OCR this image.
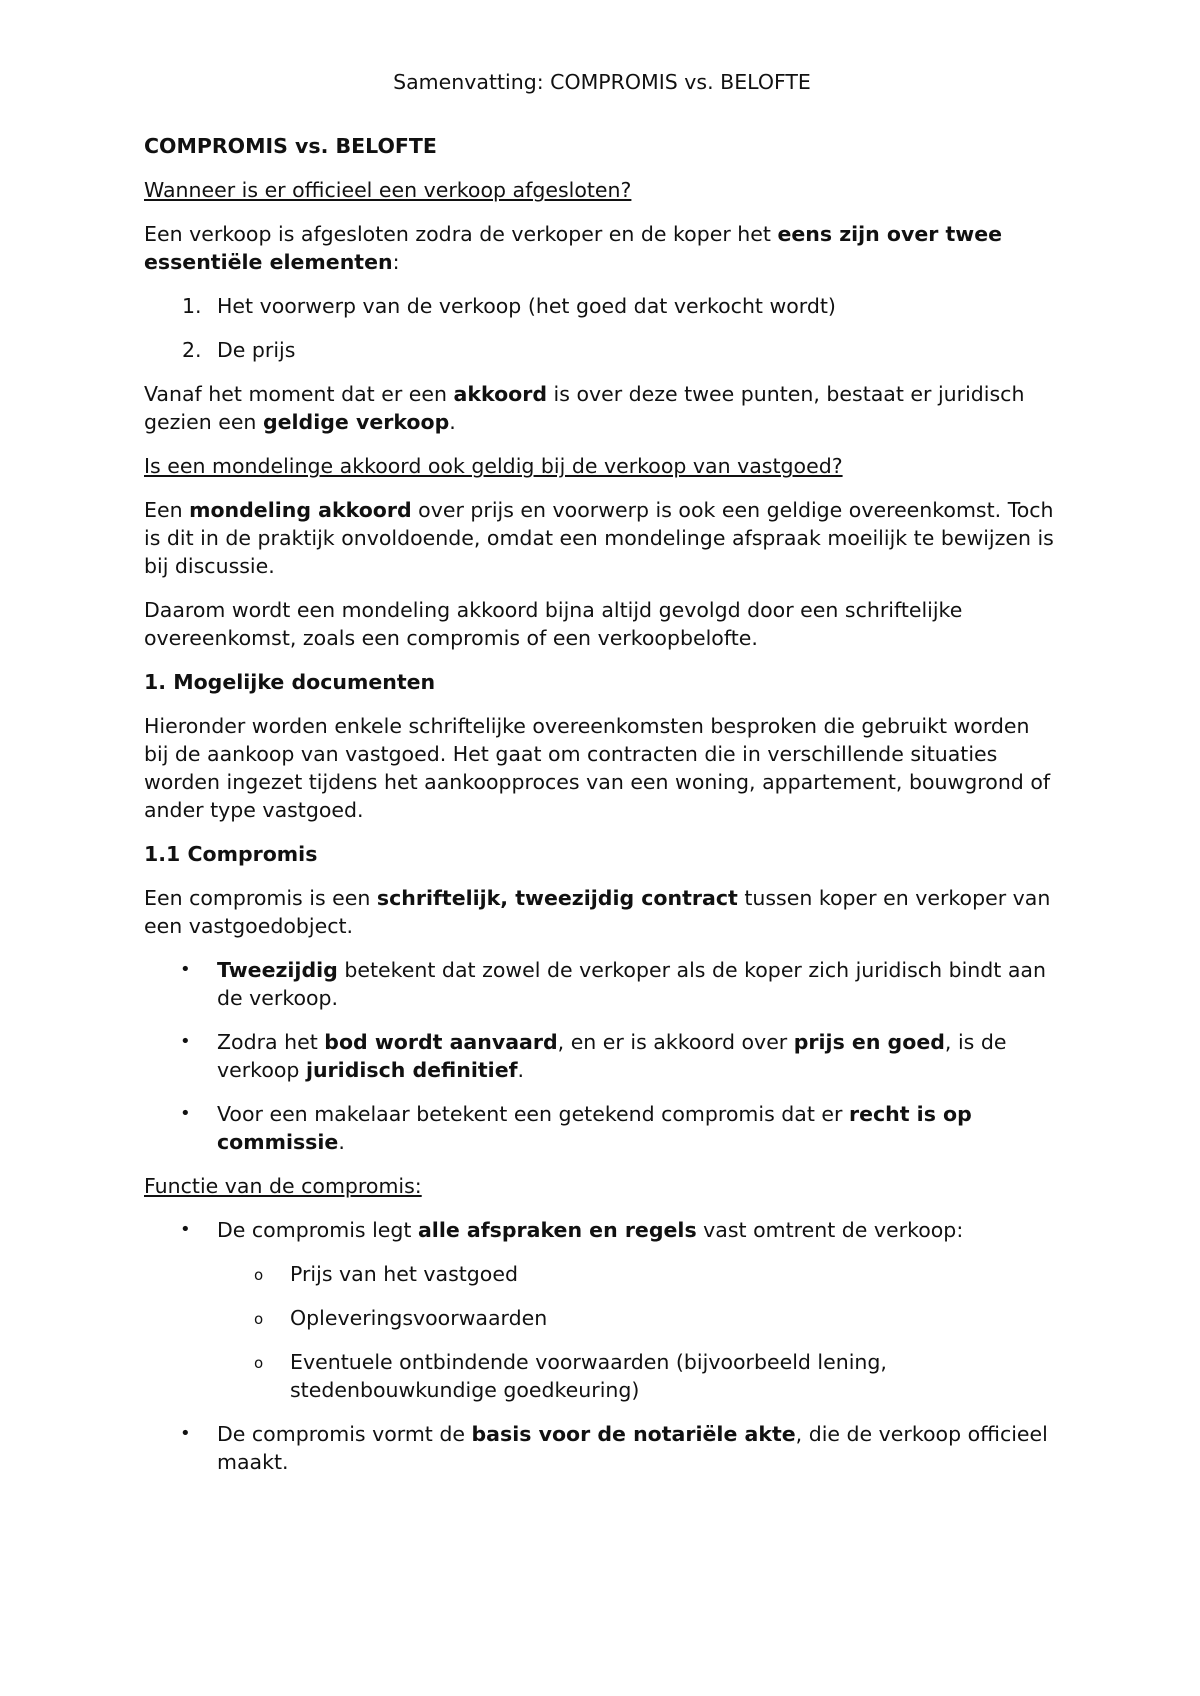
Samenvatting: COMPROMIS vs. BELOFTE
COMPROMIS vs. BELOFTE
Wanneer is er officieel een verkoop afgesloten?

Een verkoop is afgesloten zodra de verkoper en de koper het eens zijn over twee essentiële elementen:

1. Het voorwerp van de verkoop (het goed dat verkocht wordt)
2. De prijs

Vanaf het moment dat er een akkoord is over deze twee punten, bestaat er juridisch gezien een geldige verkoop.

Is een mondelinge akkoord ook geldig bij de verkoop van vastgoed?

Een mondeling akkoord over prijs en voorwerp is ook een geldige overeenkomst. Toch is dit in de praktijk onvoldoende, omdat een mondelinge afspraak moeilijk te bewijzen is bij discussie.

Daarom wordt een mondeling akkoord bijna altijd gevolgd door een schriftelijke overeenkomst, zoals een compromis of een verkoopbelofte.

1. Mogelijke documenten

Hieronder worden enkele schriftelijke overeenkomsten besproken die gebruikt worden bij de aankoop van vastgoed. Het gaat om contracten die in verschillende situaties worden ingezet tijdens het aankoopproces van een woning, appartement, bouwgrond of ander type vastgoed.

1.1 Compromis

Een compromis is een schriftelijk, tweezijdig contract tussen koper en verkoper van een vastgoedobject.

• Tweezijdig betekent dat zowel de verkoper als de koper zich juridisch bindt aan de verkoop.
• Zodra het bod wordt aanvaard, en er is akkoord over prijs en goed, is de verkoop juridisch definitief.
• Voor een makelaar betekent een getekend compromis dat er recht is op commissie.
Functie van de compromis:
• De compromis legt alle afspraken en regels vast omtrent de verkoop:
o Prijs van het vastgoed
o Opleveringsvoorwaarden
o Eventuele ontbindende voorwaarden (bijvoorbeeld lening, stedenbouwkundige goedkeuring)
• De compromis vormt de basis voor de notariële akte, die de verkoop officieel maakt.
